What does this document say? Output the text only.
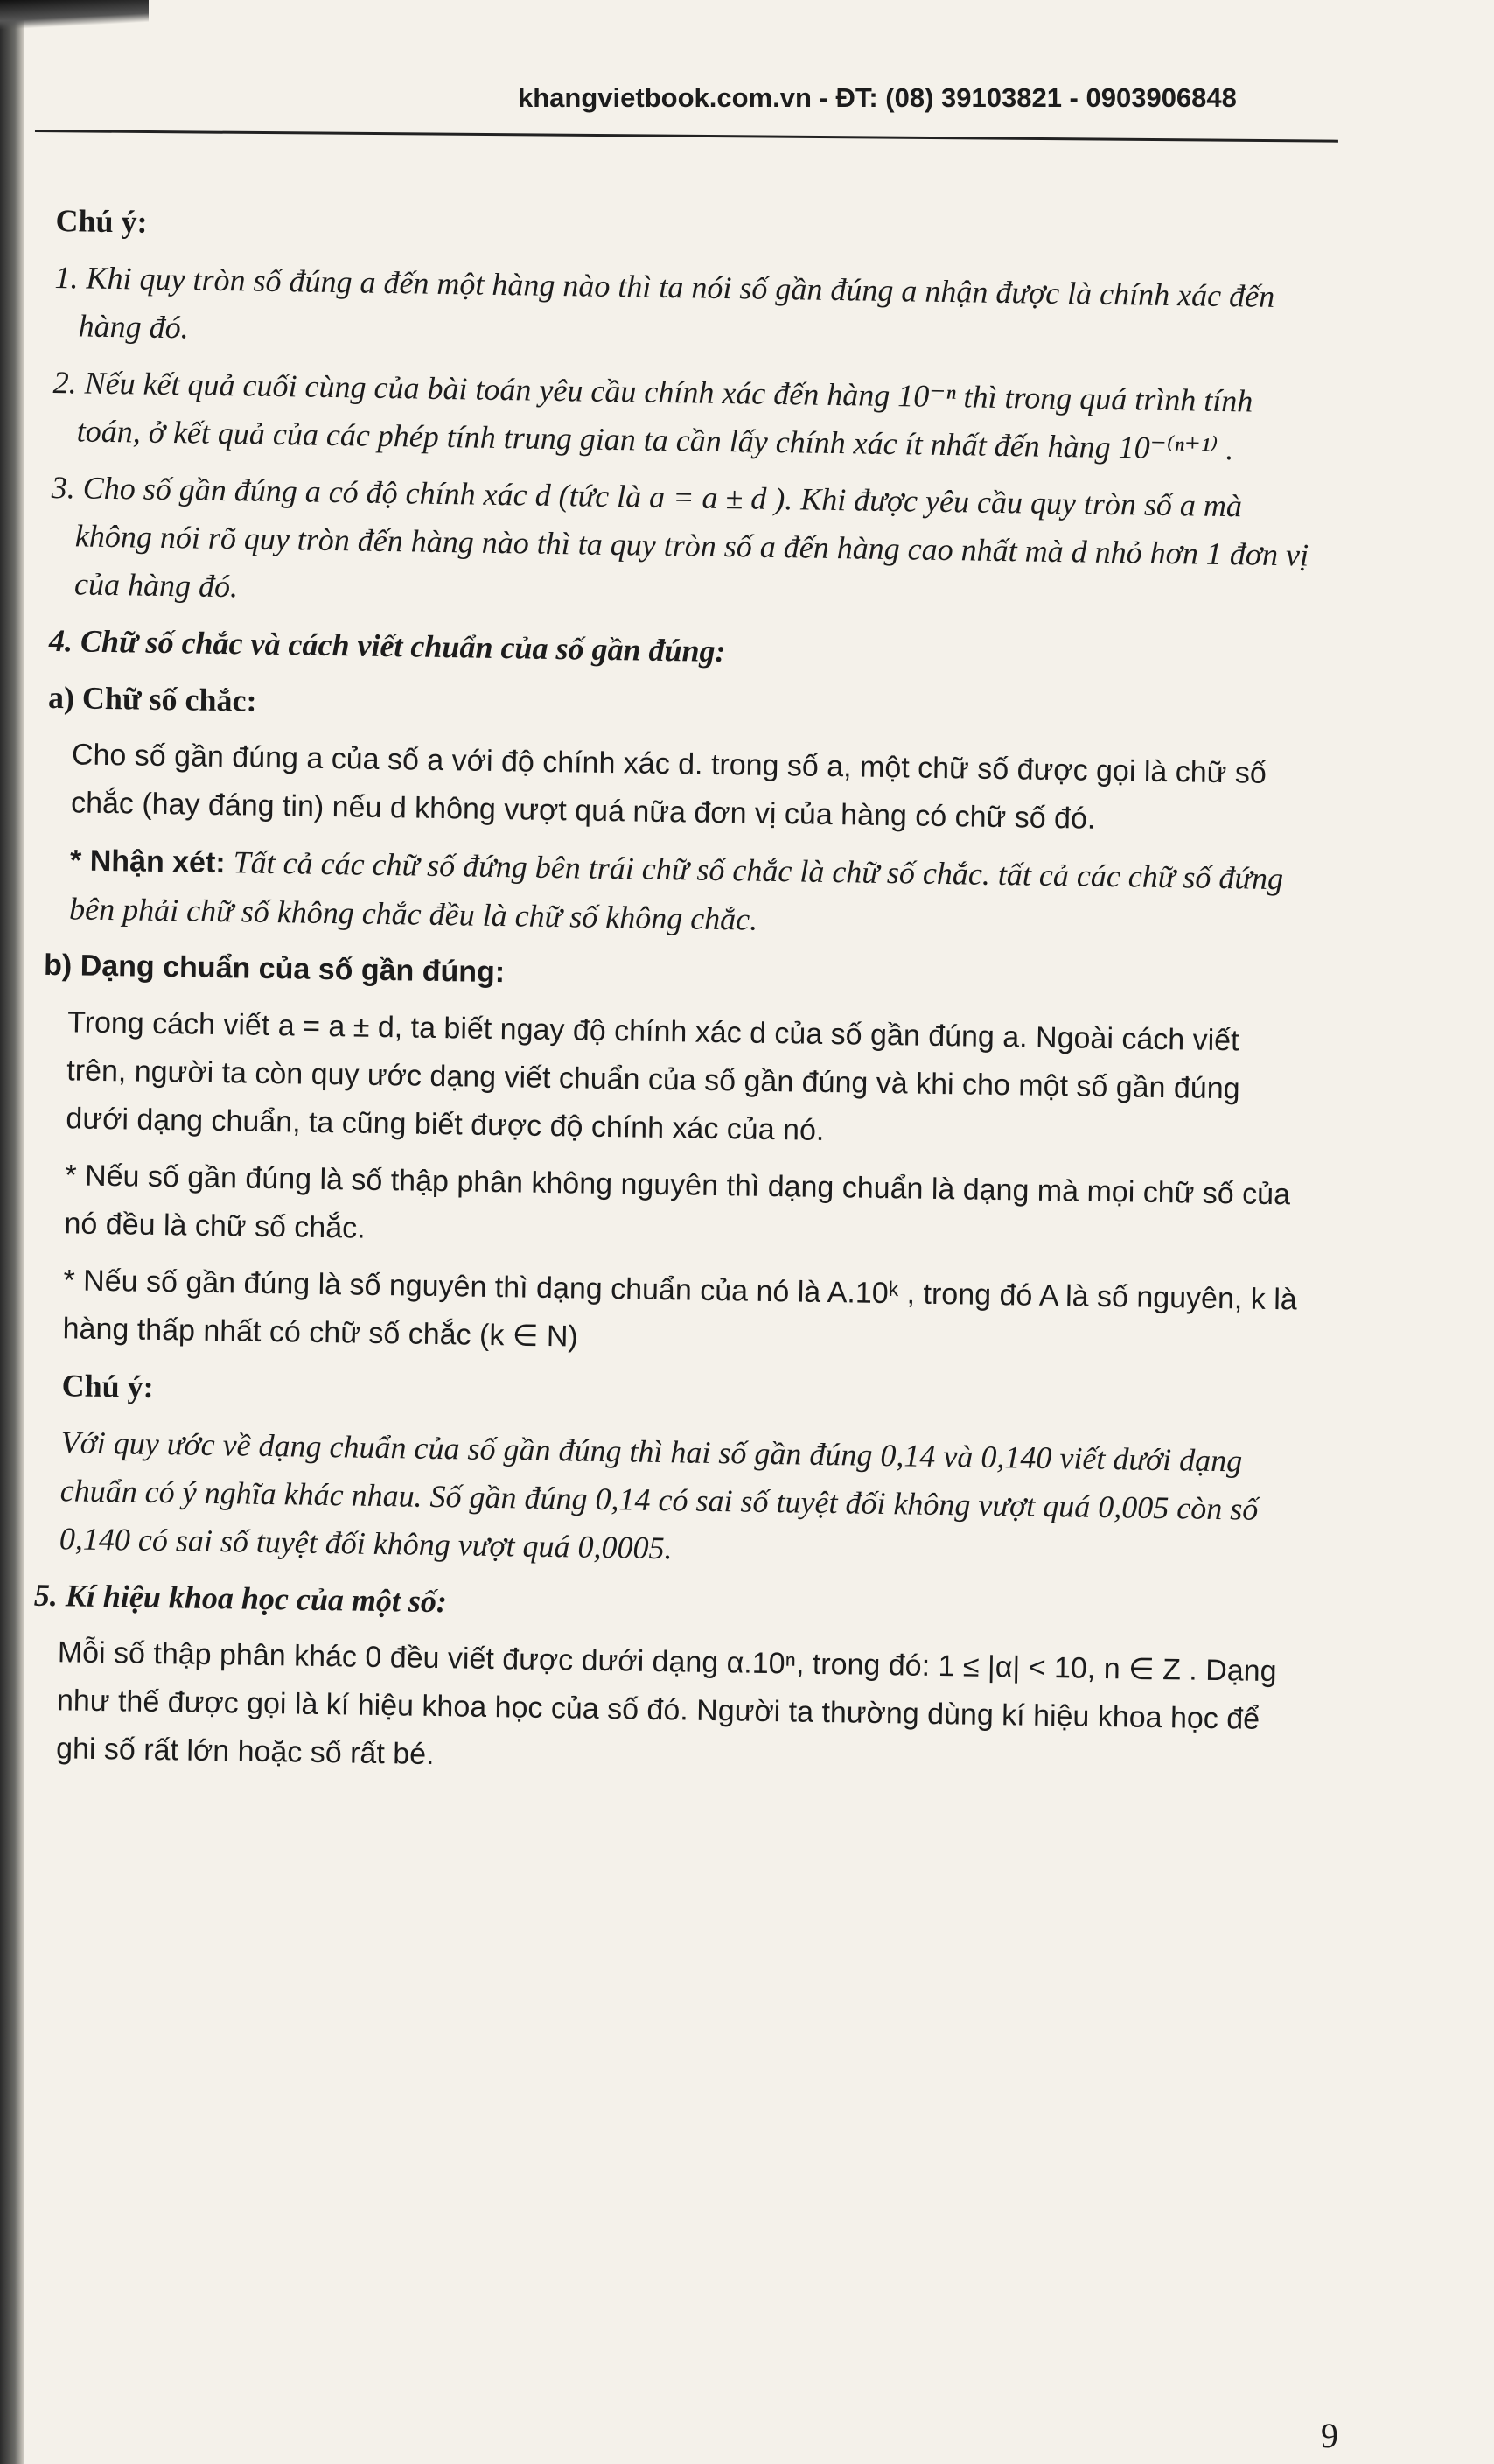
khangvietbook.com.vn - ĐT: (08) 39103821 - 0903906848
Chú ý:
1. Khi quy tròn số đúng a đến một hàng nào thì ta nói số gần đúng a nhận được là chính xác đến hàng đó.
2. Nếu kết quả cuối cùng của bài toán yêu cầu chính xác đến hàng 10⁻ⁿ thì trong quá trình tính toán, ở kết quả của các phép tính trung gian ta cần lấy chính xác ít nhất đến hàng 10⁻⁽ⁿ⁺¹⁾ .
3. Cho số gần đúng a có độ chính xác d (tức là a = a ± d ). Khi được yêu cầu quy tròn số a mà không nói rõ quy tròn đến hàng nào thì ta quy tròn số a đến hàng cao nhất mà d nhỏ hơn 1 đơn vị của hàng đó.
4. Chữ số chắc và cách viết chuẩn của số gần đúng:
a) Chữ số chắc:
Cho số gần đúng a của số a với độ chính xác d. trong số a, một chữ số được gọi là chữ số chắc (hay đáng tin) nếu d không vượt quá nữa đơn vị của hàng có chữ số đó.
* Nhận xét: Tất cả các chữ số đứng bên trái chữ số chắc là chữ số chắc. tất cả các chữ số đứng bên phải chữ số không chắc đều là chữ số không chắc.
b) Dạng chuẩn của số gần đúng:
Trong cách viết a = a ± d, ta biết ngay độ chính xác d của số gần đúng a. Ngoài cách viết trên, người ta còn quy ước dạng viết chuẩn của số gần đúng và khi cho một số gần đúng dưới dạng chuẩn, ta cũng biết được độ chính xác của nó.
* Nếu số gần đúng là số thập phân không nguyên thì dạng chuẩn là dạng mà mọi chữ số của nó đều là chữ số chắc.
* Nếu số gần đúng là số nguyên thì dạng chuẩn của nó là A.10ᵏ , trong đó A là số nguyên, k là hàng thấp nhất có chữ số chắc (k ∈ N)
Chú ý:
Với quy ước về dạng chuẩn của số gần đúng thì hai số gần đúng 0,14 và 0,140 viết dưới dạng chuẩn có ý nghĩa khác nhau. Số gần đúng 0,14 có sai số tuyệt đối không vượt quá 0,005 còn số 0,140 có sai số tuyệt đối không vượt quá 0,0005.
5. Kí hiệu khoa học của một số:
Mỗi số thập phân khác 0 đều viết được dưới dạng α.10ⁿ, trong đó: 1 ≤ |α| < 10, n ∈ Z . Dạng như thế được gọi là kí hiệu khoa học của số đó. Người ta thường dùng kí hiệu khoa học để ghi số rất lớn hoặc số rất bé.
9
